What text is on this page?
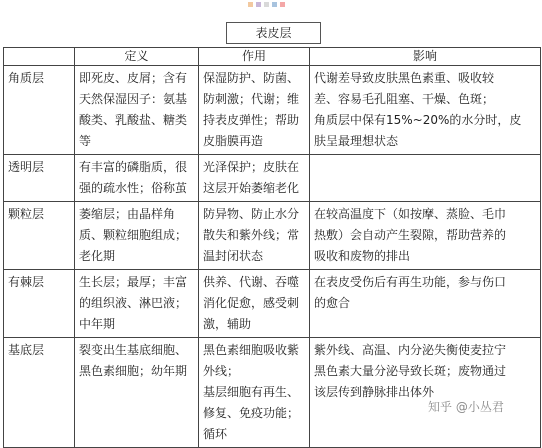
表皮层
	定义	作用	影响

角质层	即死皮、皮屑；含有
天然保湿因子：氨基
酸类、乳酸盐、糖类
等	保湿防护、防菌、
防刺激；代谢；维
持表皮弹性；帮助
皮脂膜再造	代谢差导致皮肤黑色素重、吸收较
差、容易毛孔阻塞、干燥、色斑；
角质层中保有15%~20%的水分时，皮
肤呈最理想状态

透明层	有丰富的磷脂质，很
强的疏水性；俗称茧	光泽保护；皮肤在
这层开始萎缩老化	

颗粒层	萎缩层；由晶样角
质、颗粒细胞组成；
老化期	防异物、防止水分
散失和紫外线；常
温封闭状态	在较高温度下（如按摩、蒸脸、毛巾
热敷）会自动产生裂隙，帮助营养的
吸收和废物的排出

有棘层	生长层；最厚；丰富
的组织液、淋巴液；
中年期	供养、代谢、吞噬
消化促愈，感受刺
激，辅助	在表皮受伤后有再生功能，参与伤口
的愈合

基底层	裂变出生基底细胞、
黑色素细胞；幼年期	黑色素细胞吸收紫
外线；
基层细胞有再生、
修复、免疫功能；
循环	紫外线、高温、内分泌失衡使麦拉宁
黑色素大量分泌导致长斑；废物通过
该层传到静脉排出体外
知乎 @小丛君
